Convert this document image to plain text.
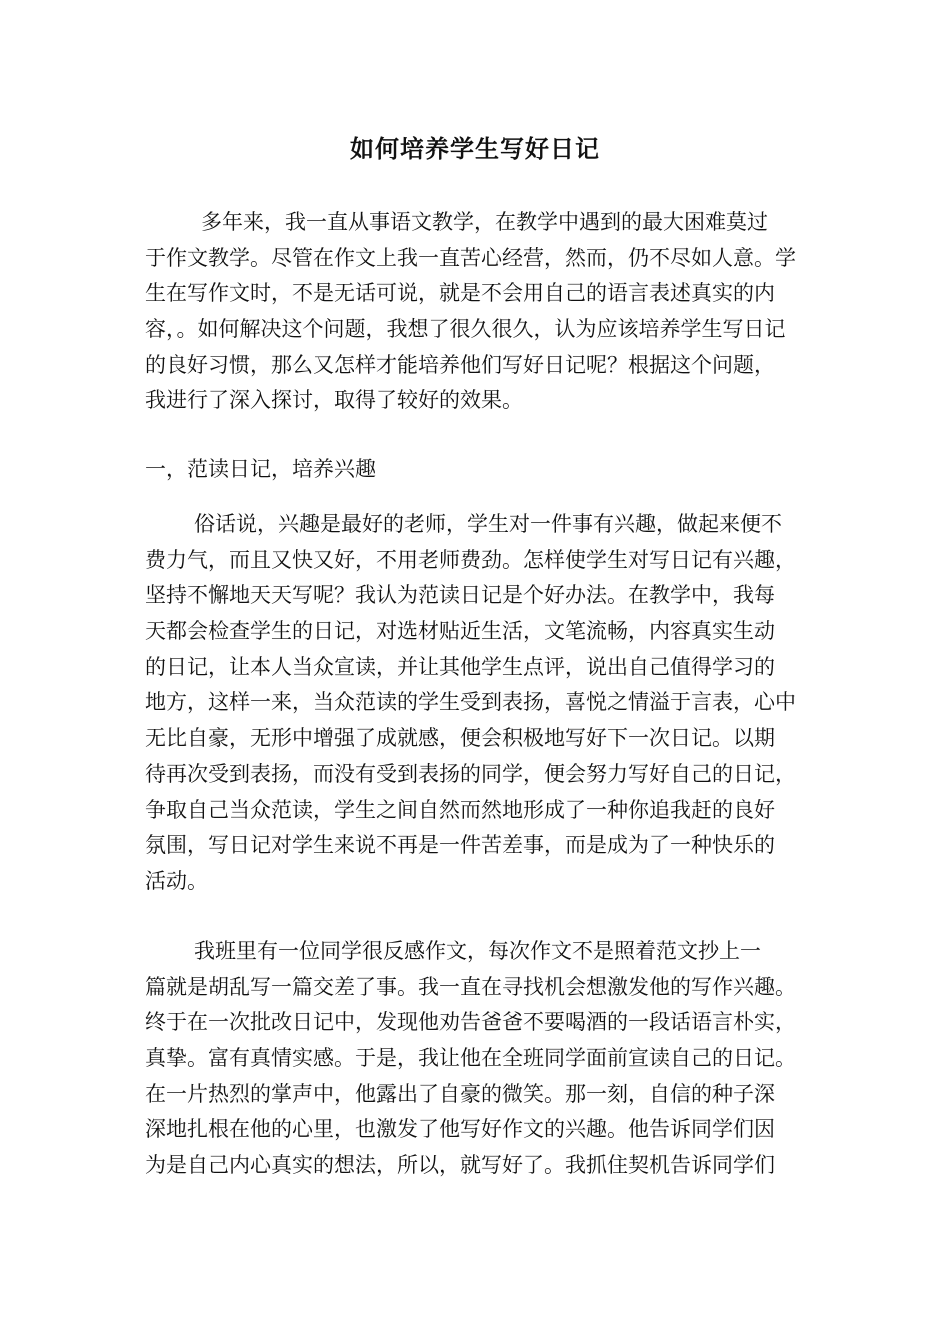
如何培养学生写好日记
多年来，我一直从事语文教学，在教学中遇到的最大困难莫过
于作文教学。尽管在作文上我一直苦心经营，然而，仍不尽如人意。学
生在写作文时，不是无话可说，就是不会用自己的语言表述真实的内
容，。如何解决这个问题，我想了很久很久，认为应该培养学生写日记
的良好习惯，那么又怎样才能培养他们写好日记呢？根据这个问题，
我进行了深入探讨，取得了较好的效果。
一，范读日记，培养兴趣
俗话说，兴趣是最好的老师，学生对一件事有兴趣，做起来便不
费力气，而且又快又好，不用老师费劲。怎样使学生对写日记有兴趣，
坚持不懈地天天写呢？我认为范读日记是个好办法。在教学中，我每
天都会检查学生的日记，对选材贴近生活，文笔流畅，内容真实生动
的日记，让本人当众宣读，并让其他学生点评，说出自己值得学习的
地方，这样一来，当众范读的学生受到表扬，喜悦之情溢于言表，心中
无比自豪，无形中增强了成就感，便会积极地写好下一次日记。以期
待再次受到表扬，而没有受到表扬的同学，便会努力写好自己的日记，
争取自己当众范读，学生之间自然而然地形成了一种你追我赶的良好
氛围，写日记对学生来说不再是一件苦差事，而是成为了一种快乐的
活动。
我班里有一位同学很反感作文，每次作文不是照着范文抄上一
篇就是胡乱写一篇交差了事。我一直在寻找机会想激发他的写作兴趣。
终于在一次批改日记中，发现他劝告爸爸不要喝酒的一段话语言朴实，
真挚。富有真情实感。于是，我让他在全班同学面前宣读自己的日记。
在一片热烈的掌声中，他露出了自豪的微笑。那一刻，自信的种子深
深地扎根在他的心里，也激发了他写好作文的兴趣。他告诉同学们因
为是自己内心真实的想法，所以，就写好了。我抓住契机告诉同学们
